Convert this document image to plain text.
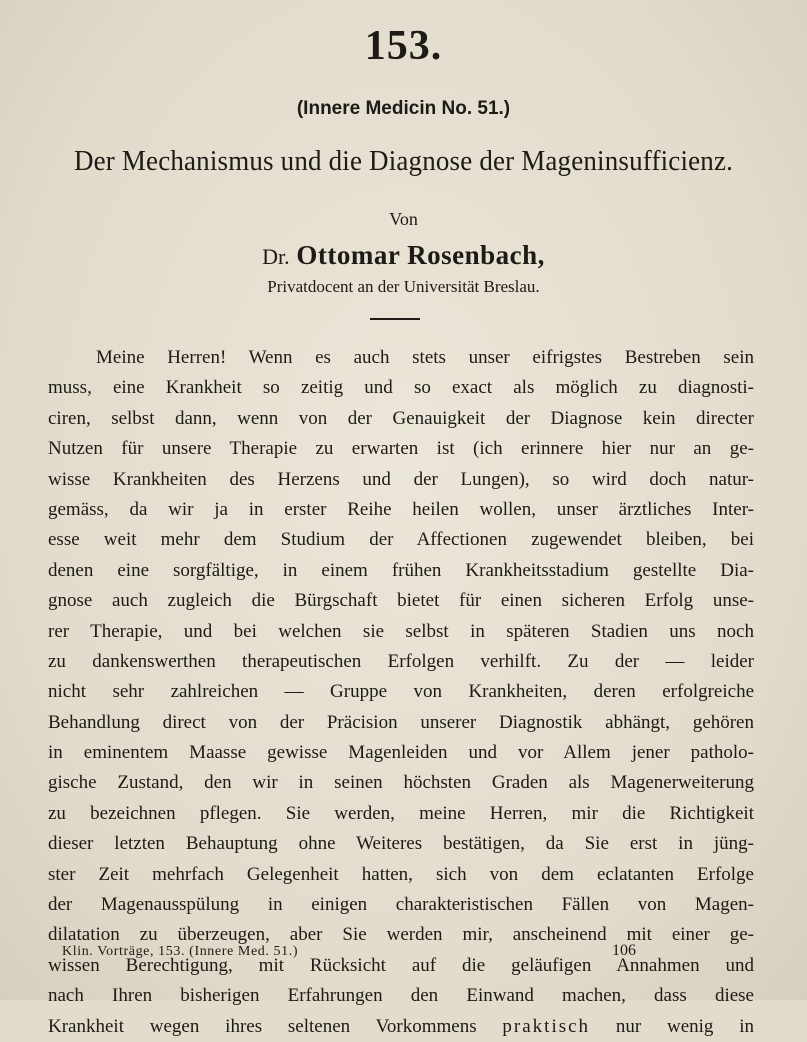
153.
(Innere Medicin No. 51.)
Der Mechanismus und die Diagnose der Mageninsufficienz.
Von
Dr. Ottomar Rosenbach,
Privatdocent an der Universität Breslau.
Meine Herren! Wenn es auch stets unser eifrigstes Bestreben sein
muss, eine Krankheit so zeitig und so exact als möglich zu diagnosti-
ciren, selbst dann, wenn von der Genauigkeit der Diagnose kein directer
Nutzen für unsere Therapie zu erwarten ist (ich erinnere hier nur an ge-
wisse Krankheiten des Herzens und der Lungen), so wird doch natur-
gemäss, da wir ja in erster Reihe heilen wollen, unser ärztliches Inter-
esse weit mehr dem Studium der Affectionen zugewendet bleiben, bei
denen eine sorgfältige, in einem frühen Krankheitsstadium gestellte Dia-
gnose auch zugleich die Bürgschaft bietet für einen sicheren Erfolg unse-
rer Therapie, und bei welchen sie selbst in späteren Stadien uns noch
zu dankenswerthen therapeutischen Erfolgen verhilft. Zu der — leider
nicht sehr zahlreichen — Gruppe von Krankheiten, deren erfolgreiche
Behandlung direct von der Präcision unserer Diagnostik abhängt, gehören
in eminentem Maasse gewisse Magenleiden und vor Allem jener patholo-
gische Zustand, den wir in seinen höchsten Graden als Magenerweiterung
zu bezeichnen pflegen. Sie werden, meine Herren, mir die Richtigkeit
dieser letzten Behauptung ohne Weiteres bestätigen, da Sie erst in jüng-
ster Zeit mehrfach Gelegenheit hatten, sich von dem eclatanten Erfolge
der Magenausspülung in einigen charakteristischen Fällen von Magen-
dilatation zu überzeugen, aber Sie werden mir, anscheinend mit einer ge-
wissen Berechtigung, mit Rücksicht auf die geläufigen Annahmen und
nach Ihren bisherigen Erfahrungen den Einwand machen, dass diese
Krankheit wegen ihres seltenen Vorkommens praktisch nur wenig in
Klin. Vorträge, 153. (Innere Med. 51.)	106
